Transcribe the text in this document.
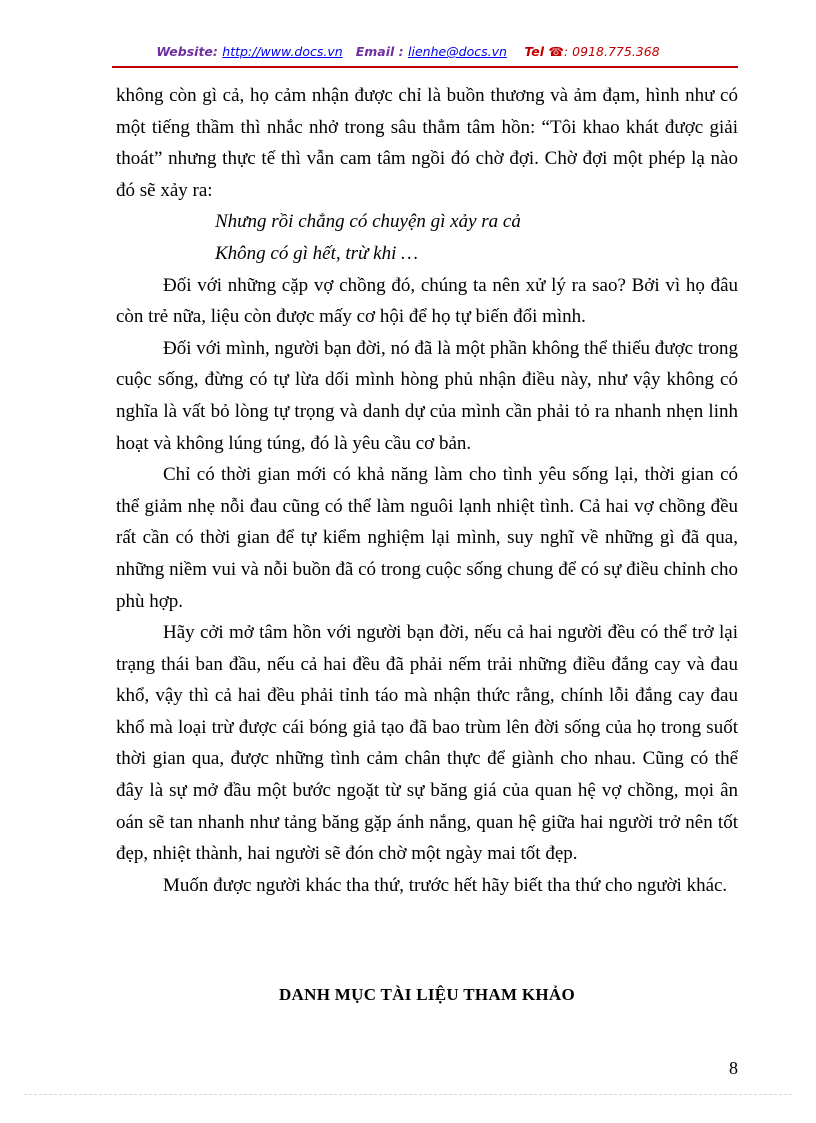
Website: http://www.docs.vn Email : lienhe@docs.vn Tel ☎: 0918.775.368

không còn gì cả, họ cảm nhận được chỉ là buồn thương và ảm đạm, hình như có một tiếng thầm thì nhắc nhở trong sâu thẳm tâm hồn: “Tôi khao khát được giải thoát” nhưng thực tế thì vẫn cam tâm ngồi đó chờ đợi. Chờ đợi một phép lạ nào đó sẽ xảy ra:

Nhưng rồi chẳng có chuyện gì xảy ra cả

Không có gì hết, trừ khi …

Đối với những cặp vợ chồng đó, chúng ta nên xử lý ra sao? Bởi vì họ đâu còn trẻ nữa, liệu còn được mấy cơ hội để họ tự biến đổi mình.

Đối với mình, người bạn đời, nó đã là một phần không thể thiếu được trong cuộc sống, đừng có tự lừa dối mình hòng phủ nhận điều này, như vậy không có nghĩa là vất bỏ lòng tự trọng và danh dự của mình cần phải tỏ ra nhanh nhẹn linh hoạt và không lúng túng, đó là yêu cầu cơ bản.

Chỉ có thời gian mới có khả năng làm cho tình yêu sống lại, thời gian có thể giảm nhẹ nỗi đau cũng có thể làm nguôi lạnh nhiệt tình. Cả hai vợ chồng đều rất cần có thời gian để tự kiểm nghiệm lại mình, suy nghĩ về những gì đã qua, những niềm vui và nỗi buồn đã có trong cuộc sống chung để có sự điều chỉnh cho phù hợp.

Hãy cởi mở tâm hồn với người bạn đời, nếu cả hai người đều có thể trở lại trạng thái ban đầu, nếu cả hai đều đã phải nếm trải những điều đắng cay và đau khổ, vậy thì cả hai đều phải tỉnh táo mà nhận thức rằng, chính lỗi đắng cay đau khổ mà loại trừ được cái bóng giả tạo đã bao trùm lên đời sống của họ trong suốt thời gian qua, được những tình cảm chân thực để giành cho nhau. Cũng có thể đây là sự mở đầu một bước ngoặt từ sự băng giá của quan hệ vợ chồng, mọi ân oán sẽ tan nhanh như tảng băng gặp ánh nắng, quan hệ giữa hai người trở nên tốt đẹp, nhiệt thành, hai người sẽ đón chờ một ngày mai tốt đẹp.

Muốn được người khác tha thứ, trước hết hãy biết tha thứ cho người khác.

DANH MỤC TÀI LIỆU THAM KHẢO
8
